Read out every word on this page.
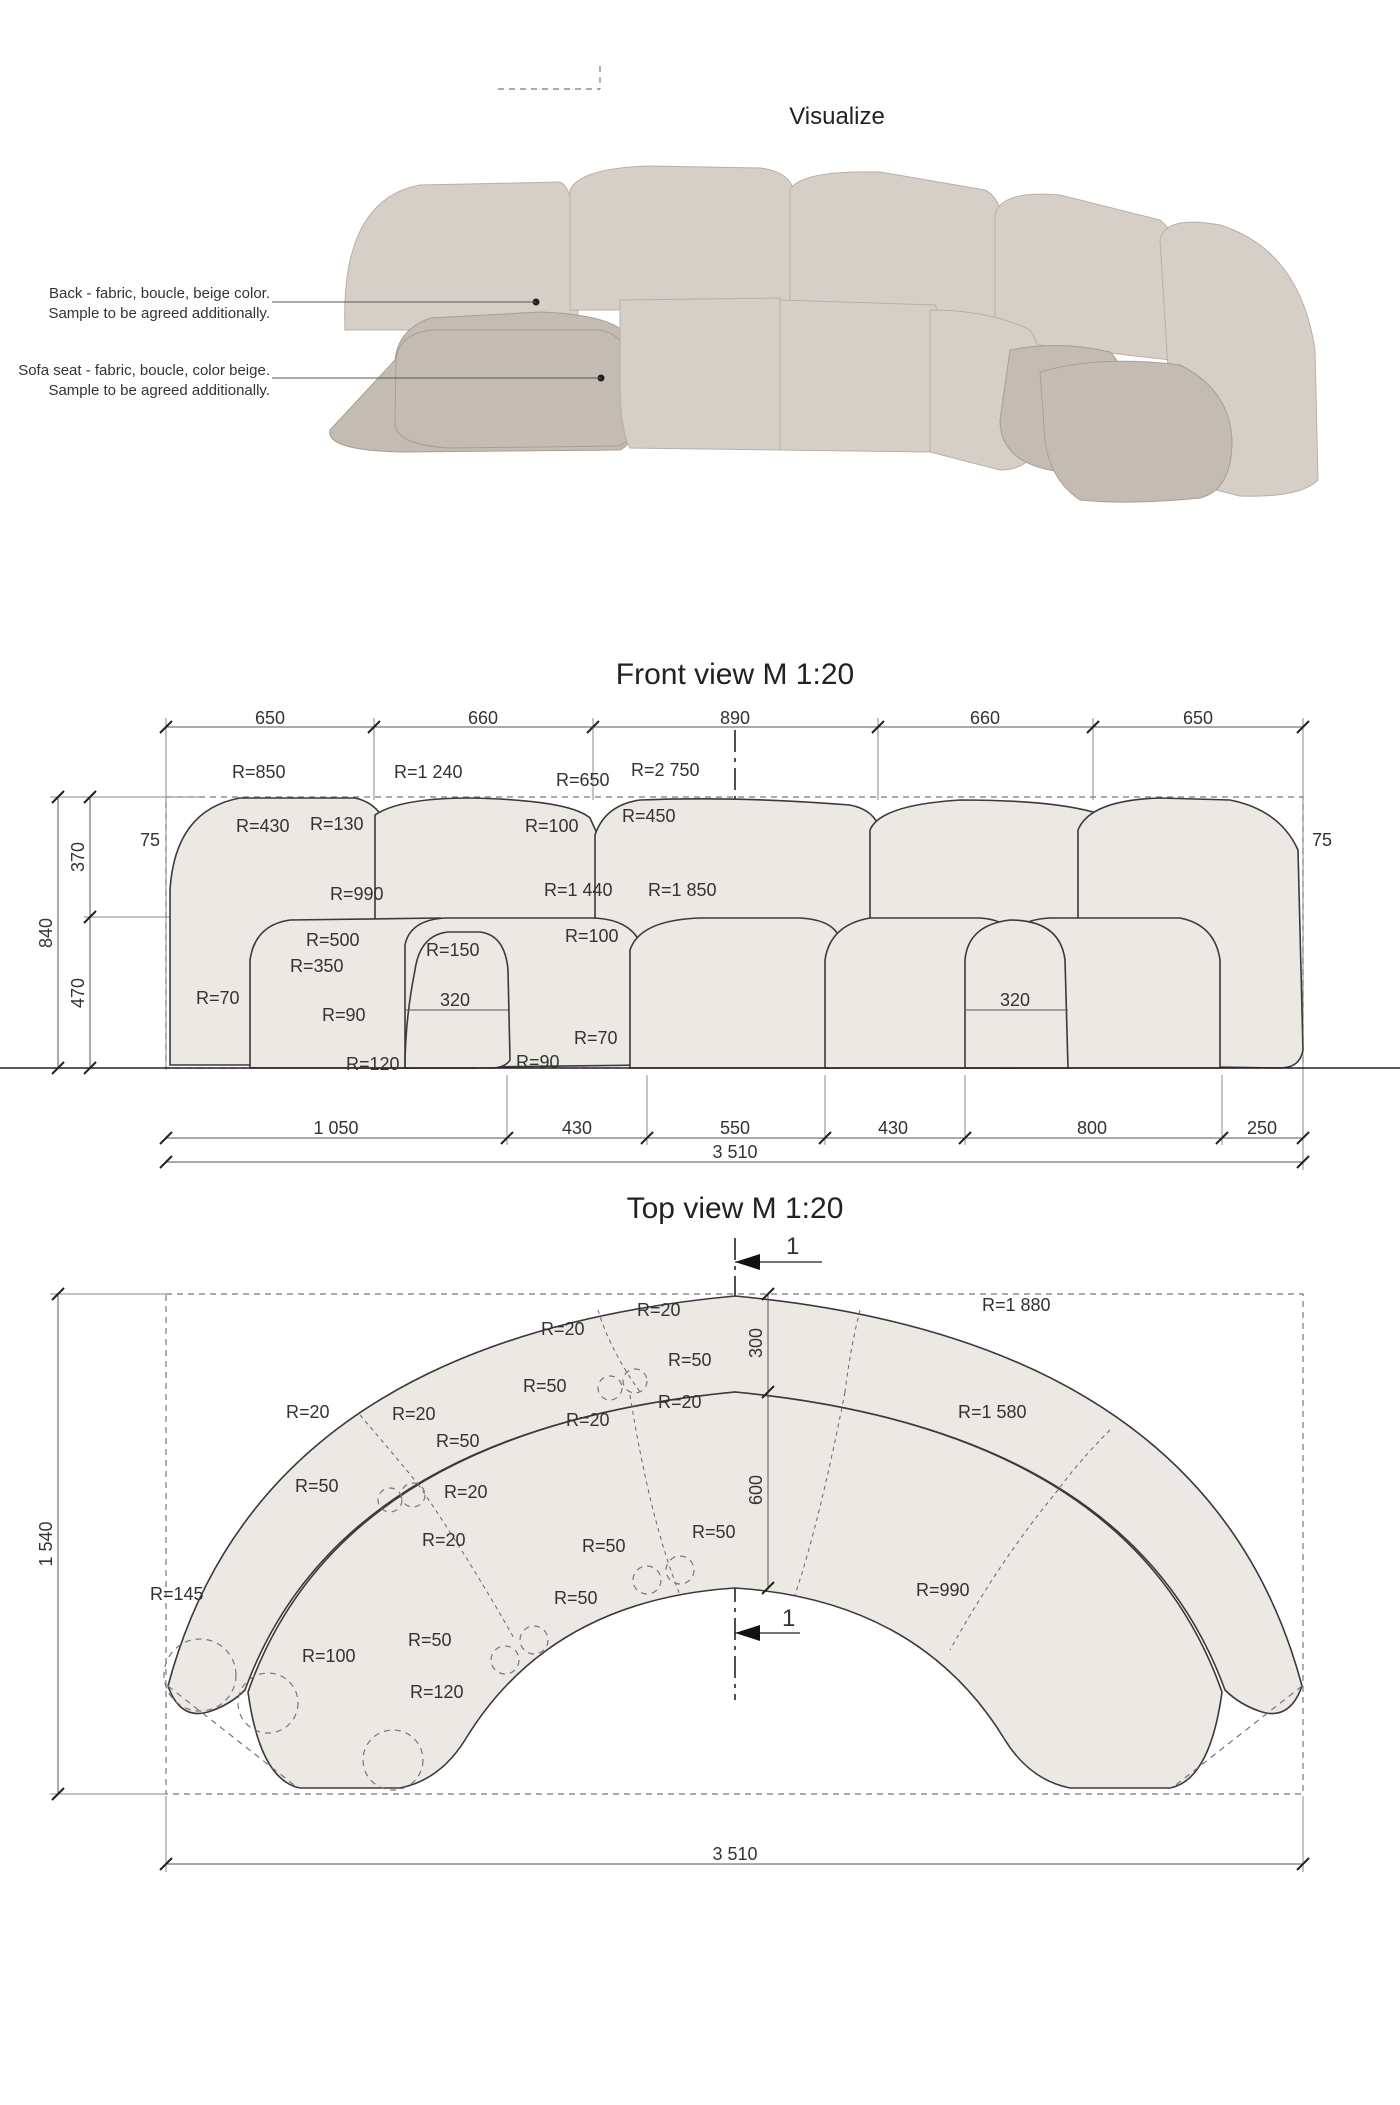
Visualize
Back - fabric, boucle, beige color.
Sample to be agreed additionally.
Sofa seat - fabric, boucle, color beige.
Sample to be agreed additionally.
Front view M 1:20
650	660	890	660	650
840
370
470
75	75
R=850	R=1 240	R=650 R=2 750
R=430 R=130	R=100 R=450
R=990	R=1 440 R=1 850
R=500	R=150
R=100
R=350
R=70
R=90
R=70
R=120	R=90
320	320
1 050	430	550	430	800	250
3 510
Top view M 1:20
1
1
1 540
300
600
3 510
R=1 880
R=1 580
R=990
R=20
R=20
R=50
R=50
R=20
R=20
R=20	R=20
R=50
R=50	R=20
R=20	R=50
R=50
R=50
R=50
R=145
R=100
R=120
